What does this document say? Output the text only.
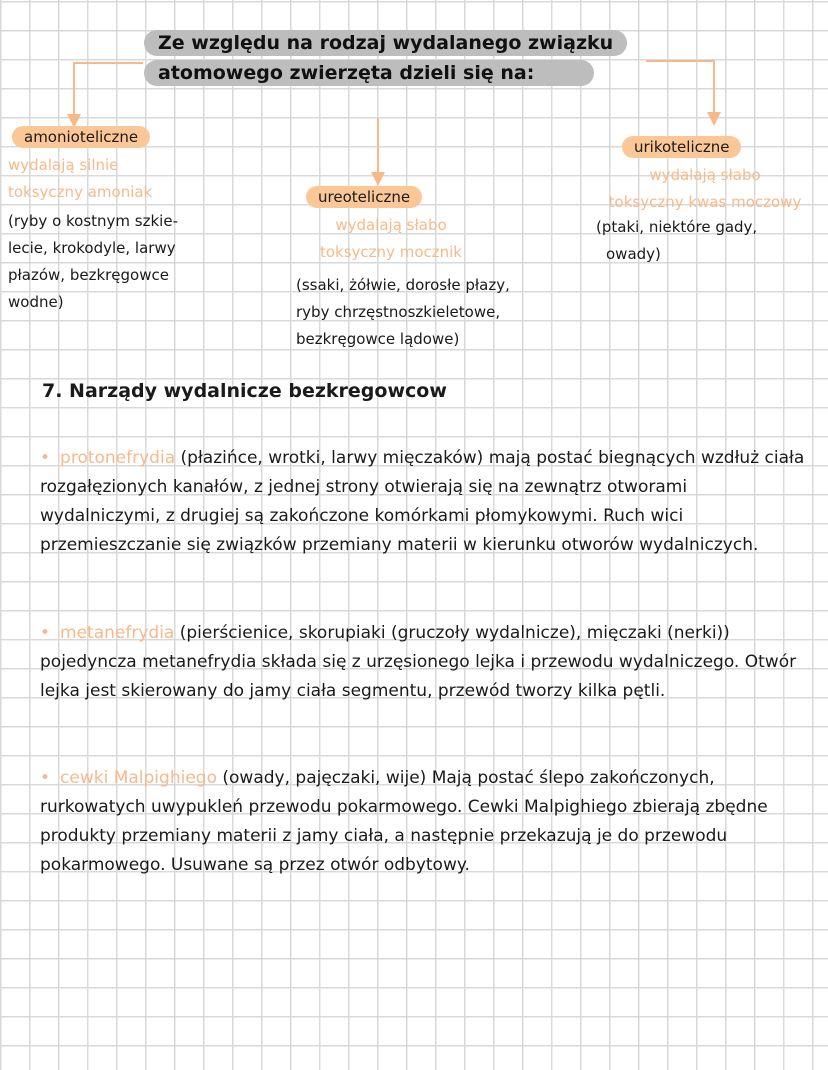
Ze względu na rodzaj wydalanego związku
atomowego zwierzęta dzieli się na:
amonioteliczne
wydalają silnie
toksyczny amoniak
(ryby o kostnym szkie-
lecie, krokodyle, larwy
płazów, bezkręgowce
wodne)
ureoteliczne
wydalają słabo
toksyczny mocznik
(ssaki, żółwie, dorosłe płazy,
ryby chrzęstnoszkieletowe,
bezkręgowce lądowe)
urikoteliczne
wydalają słabo
toksyczny kwas moczowy
(ptaki, niektóre gady,
owady)
7. Narządy wydalnicze bezkregowcow
• protonefrydia (płazińce, wrotki, larwy mięczaków) mają postać biegnących wzdłuż ciała rozgałęzionych kanałów, z jednej strony otwierają się na zewnątrz otworami wydalniczymi, z drugiej są zakończone komórkami płomykowymi. Ruch wici przemieszczanie się związków przemiany materii w kierunku otworów wydalniczych.
• metanefrydia (pierścienice, skorupiaki (gruczoły wydalnicze), mięczaki (nerki)) pojedyncza metanefrydia składa się z urzęsionego lejka i przewodu wydalniczego. Otwór lejka jest skierowany do jamy ciała segmentu, przewód tworzy kilka pętli.
• cewki Malpighiego (owady, pajęczaki, wije) Mają postać ślepo zakończonych, rurkowatych uwypukleń przewodu pokarmowego. Cewki Malpighiego zbierają zbędne produkty przemiany materii z jamy ciała, a następnie przekazują je do przewodu pokarmowego. Usuwane są przez otwór odbytowy.
